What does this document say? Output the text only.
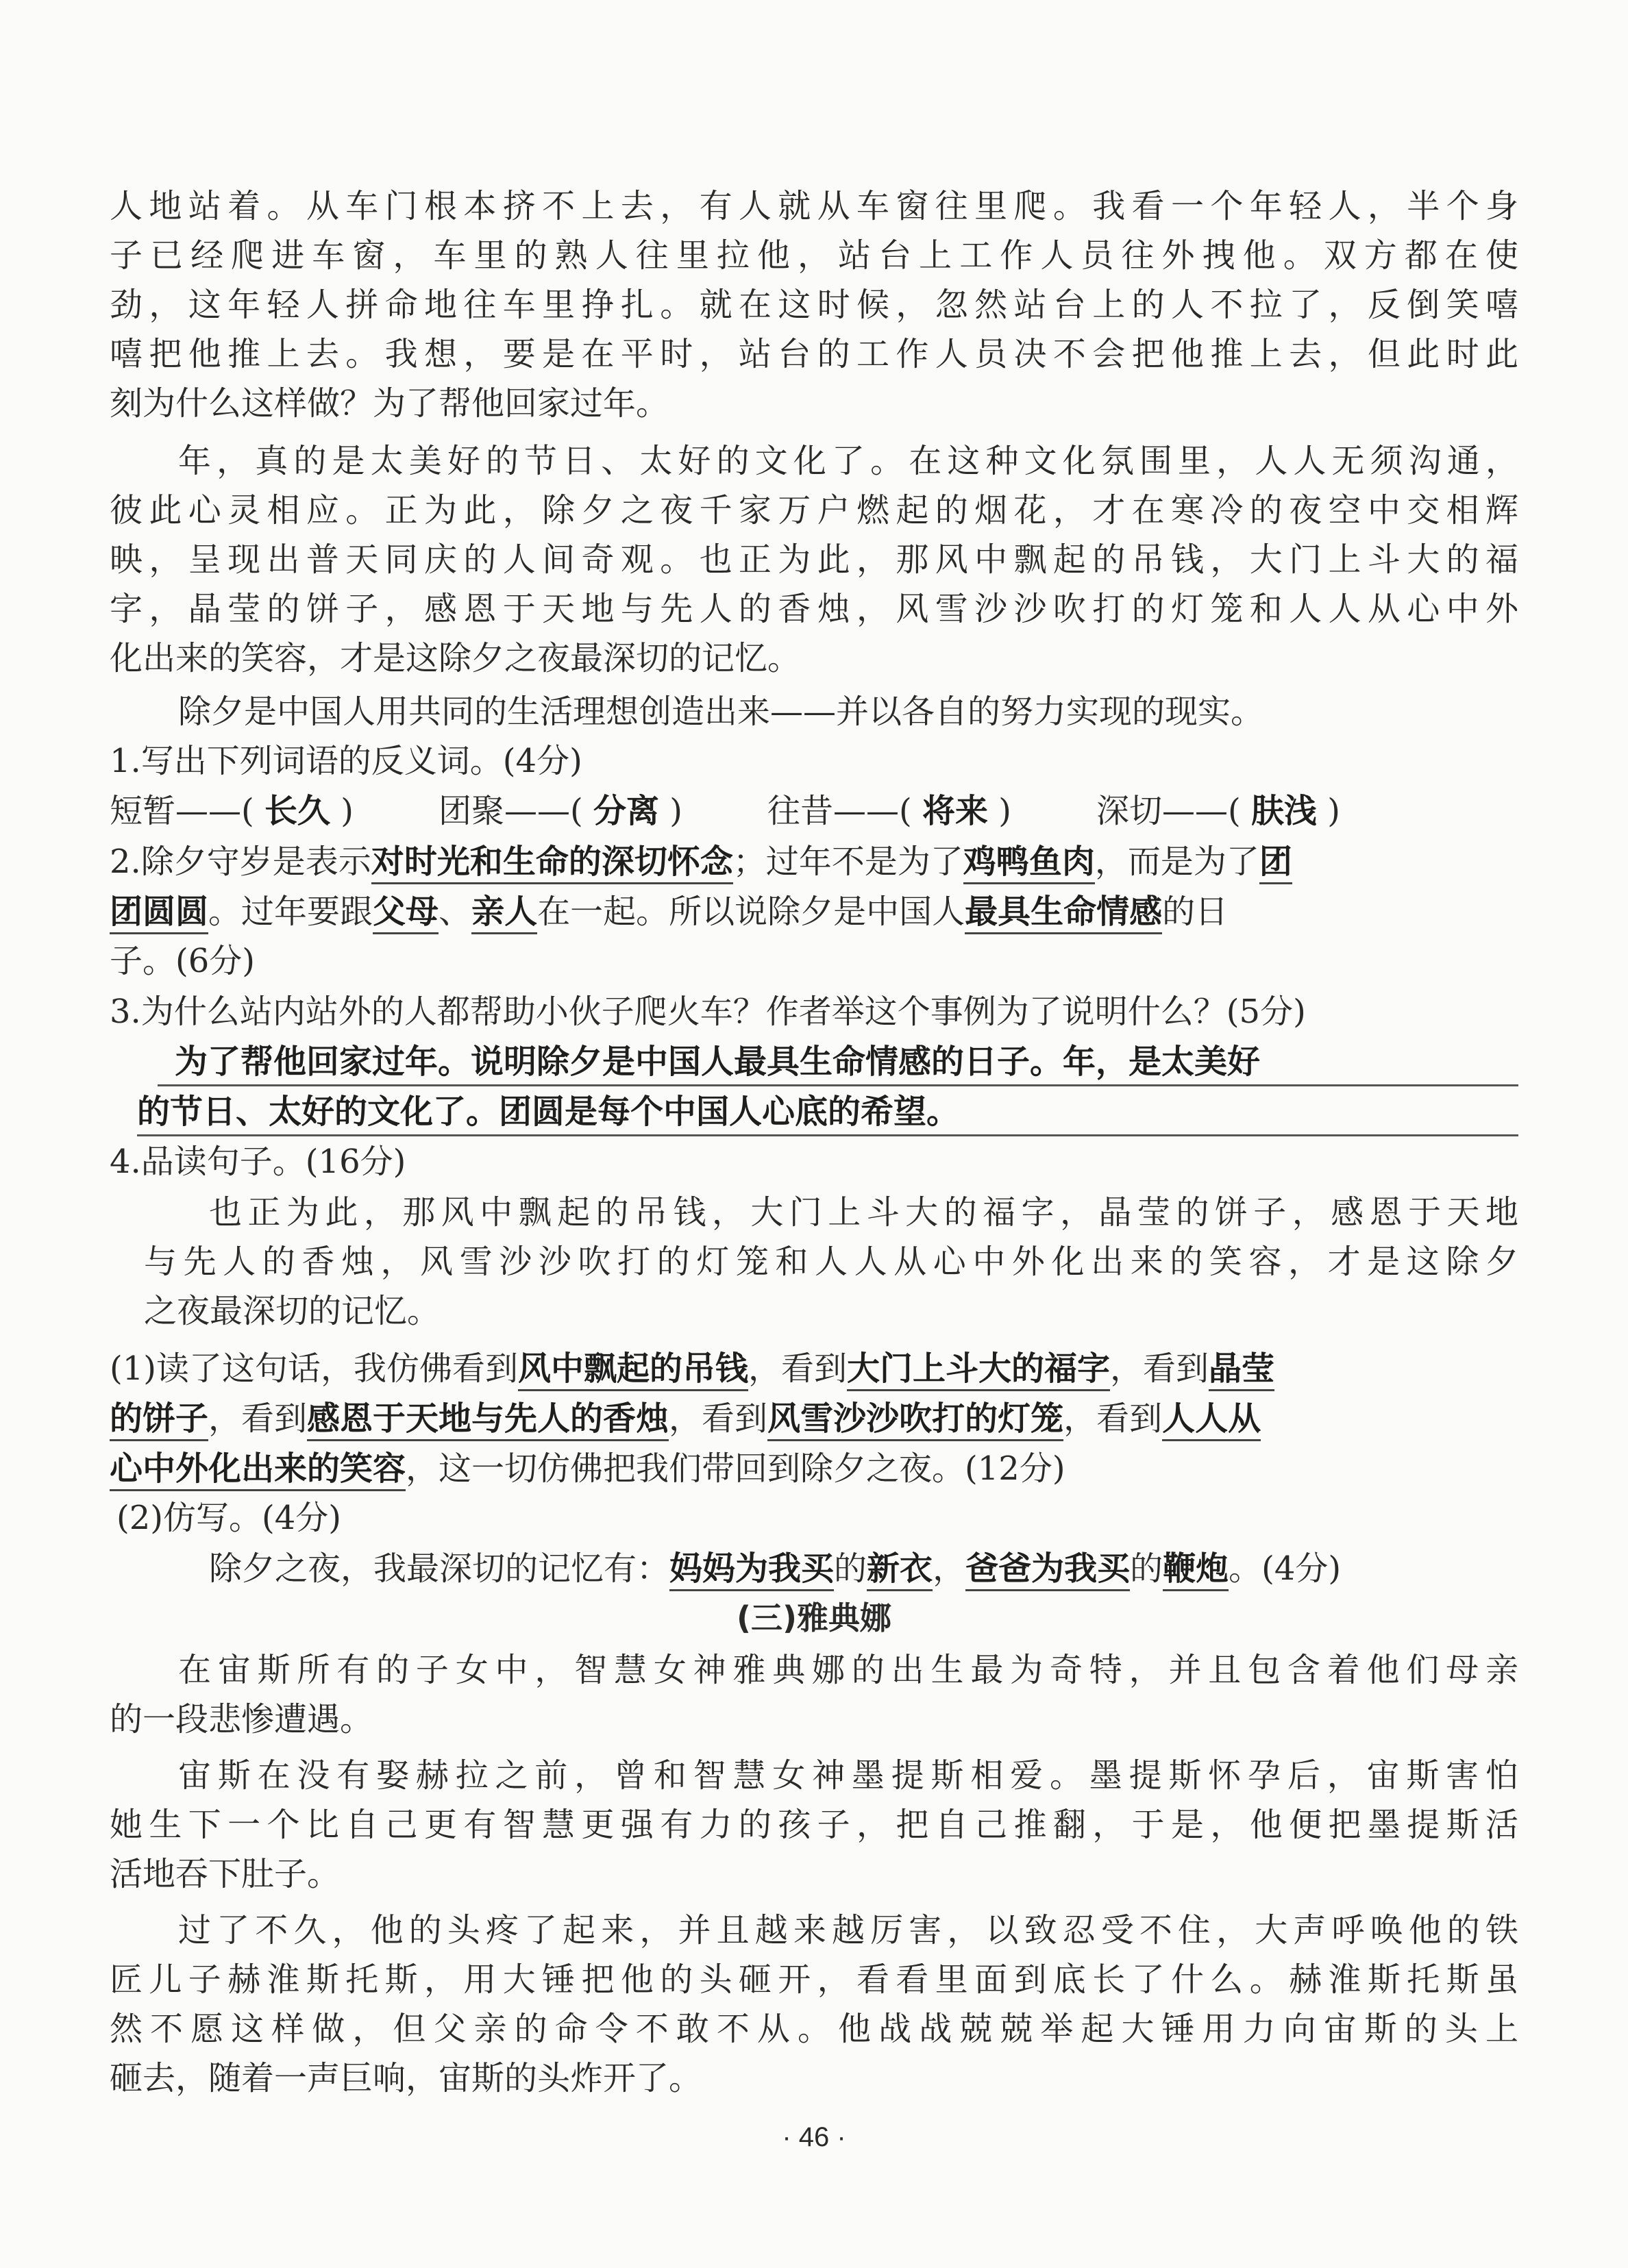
人地站着。从车门根本挤不上去，有人就从车窗往里爬。我看一个年轻人，半个身
子已经爬进车窗，车里的熟人往里拉他，站台上工作人员往外拽他。双方都在使
劲，这年轻人拼命地往车里挣扎。就在这时候，忽然站台上的人不拉了，反倒笑嘻
嘻把他推上去。我想，要是在平时，站台的工作人员决不会把他推上去，但此时此
刻为什么这样做？为了帮他回家过年。
年，真的是太美好的节日、太好的文化了。在这种文化氛围里，人人无须沟通，
彼此心灵相应。正为此，除夕之夜千家万户燃起的烟花，才在寒冷的夜空中交相辉
映，呈现出普天同庆的人间奇观。也正为此，那风中飘起的吊钱，大门上斗大的福
字，晶莹的饼子，感恩于天地与先人的香烛，风雪沙沙吹打的灯笼和人人从心中外
化出来的笑容，才是这除夕之夜最深切的记忆。
除夕是中国人用共同的生活理想创造出来——并以各自的努力实现的现实。
1.写出下列词语的反义词。(4分)
短暂——( 长久 )	团聚——( 分离 )	往昔——( 将来 )	深切——( 肤浅 )
2.除夕守岁是表示对时光和生命的深切怀念；过年不是为了鸡鸭鱼肉，而是为了团
团圆圆。过年要跟父母、亲人在一起。所以说除夕是中国人最具生命情感的日
子。(6分)
3.为什么站内站外的人都帮助小伙子爬火车？作者举这个事例为了说明什么？(5分)
为了帮他回家过年。说明除夕是中国人最具生命情感的日子。年，是太美好
的节日、太好的文化了。团圆是每个中国人心底的希望。
4.品读句子。(16分)
也正为此，那风中飘起的吊钱，大门上斗大的福字，晶莹的饼子，感恩于天地
与先人的香烛，风雪沙沙吹打的灯笼和人人从心中外化出来的笑容，才是这除夕
之夜最深切的记忆。
(1)读了这句话，我仿佛看到风中飘起的吊钱，看到大门上斗大的福字，看到晶莹
的饼子，看到感恩于天地与先人的香烛，看到风雪沙沙吹打的灯笼，看到人人从
心中外化出来的笑容，这一切仿佛把我们带回到除夕之夜。(12分)
(2)仿写。(4分)
除夕之夜，我最深切的记忆有：妈妈为我买的新衣，爸爸为我买的鞭炮。(4分)
(三)雅典娜
在宙斯所有的子女中，智慧女神雅典娜的出生最为奇特，并且包含着他们母亲
的一段悲惨遭遇。
宙斯在没有娶赫拉之前，曾和智慧女神墨提斯相爱。墨提斯怀孕后，宙斯害怕
她生下一个比自己更有智慧更强有力的孩子，把自己推翻，于是，他便把墨提斯活
活地吞下肚子。
过了不久，他的头疼了起来，并且越来越厉害，以致忍受不住，大声呼唤他的铁
匠儿子赫淮斯托斯，用大锤把他的头砸开，看看里面到底长了什么。赫淮斯托斯虽
然不愿这样做，但父亲的命令不敢不从。他战战兢兢举起大锤用力向宙斯的头上
砸去，随着一声巨响，宙斯的头炸开了。
· 46 ·
